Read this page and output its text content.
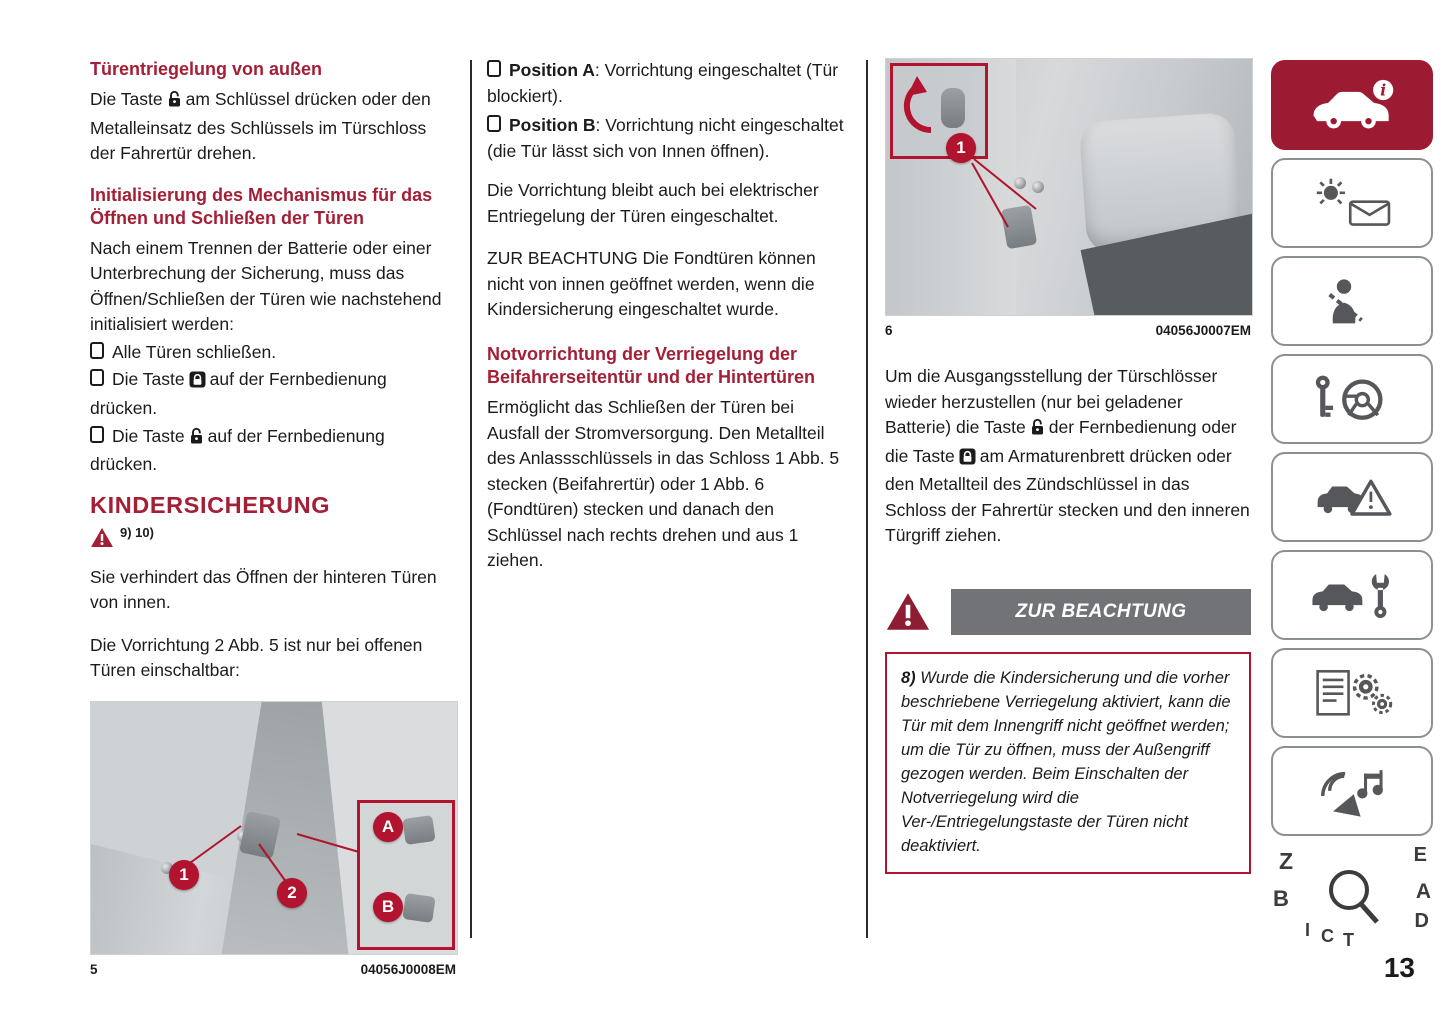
Türentriegelung von außen

Die Taste am Schlüssel drücken oder den Metalleinsatz des Schlüssels im Türschloss der Fahrertür drehen.

Initialisierung des Mechanismus für das Öffnen und Schließen der Türen

Nach einem Trennen der Batterie oder einer Unterbrechung der Sicherung, muss das Öffnen/Schließen der Türen wie nachstehend initialisiert werden:

Alle Türen schließen.
Die Taste auf der Fernbedienung drücken.
Die Taste auf der Fernbedienung drücken.
KINDERSICHERUNG
9) 10)

Sie verhindert das Öffnen der hinteren Türen von innen.

Die Vorrichtung 2 Abb. 5 ist nur bei offenen Türen einschaltbar:

1
2
A
B
5	04056J0008EM
Position A: Vorrichtung eingeschaltet (Tür blockiert).
Position B: Vorrichtung nicht eingeschaltet (die Tür lässt sich von Innen öffnen).

Die Vorrichtung bleibt auch bei elektrischer Entriegelung der Türen eingeschaltet.

ZUR BEACHTUNG Die Fondtüren können nicht von innen geöffnet werden, wenn die Kindersicherung eingeschaltet wurde.

Notvorrichtung der Verriegelung der Beifahrerseitentür und der Hintertüren

Ermöglicht das Schließen der Türen bei Ausfall der Stromversorgung. Den Metallteil des Anlassschlüssels in das Schloss 1 Abb. 5 stecken (Beifahrertür) oder 1 Abb. 6 (Fondtüren) stecken und danach den Schlüssel nach rechts drehen und aus 1 ziehen.

1
6	04056J0007EM

Um die Ausgangsstellung der Türschlösser wieder herzustellen (nur bei geladener Batterie) die Taste der Fernbedienung oder die Taste am Armaturenbrett drücken oder den Metallteil des Zündschlüssel in das Schloss der Fahrertür stecken und den inneren Türgriff ziehen.

ZUR BEACHTUNG
8) Wurde die Kindersicherung und die vorher beschriebene Verriegelung aktiviert, kann die Tür mit dem Innengriff nicht geöffnet werden; um die Tür zu öffnen, muss der Außengriff gezogen werden. Beim Einschalten der Notverriegelung wird die Ver-/Entriegelungstaste der Türen nicht deaktiviert.
i
Z	E
B	A
I C T
D
13
